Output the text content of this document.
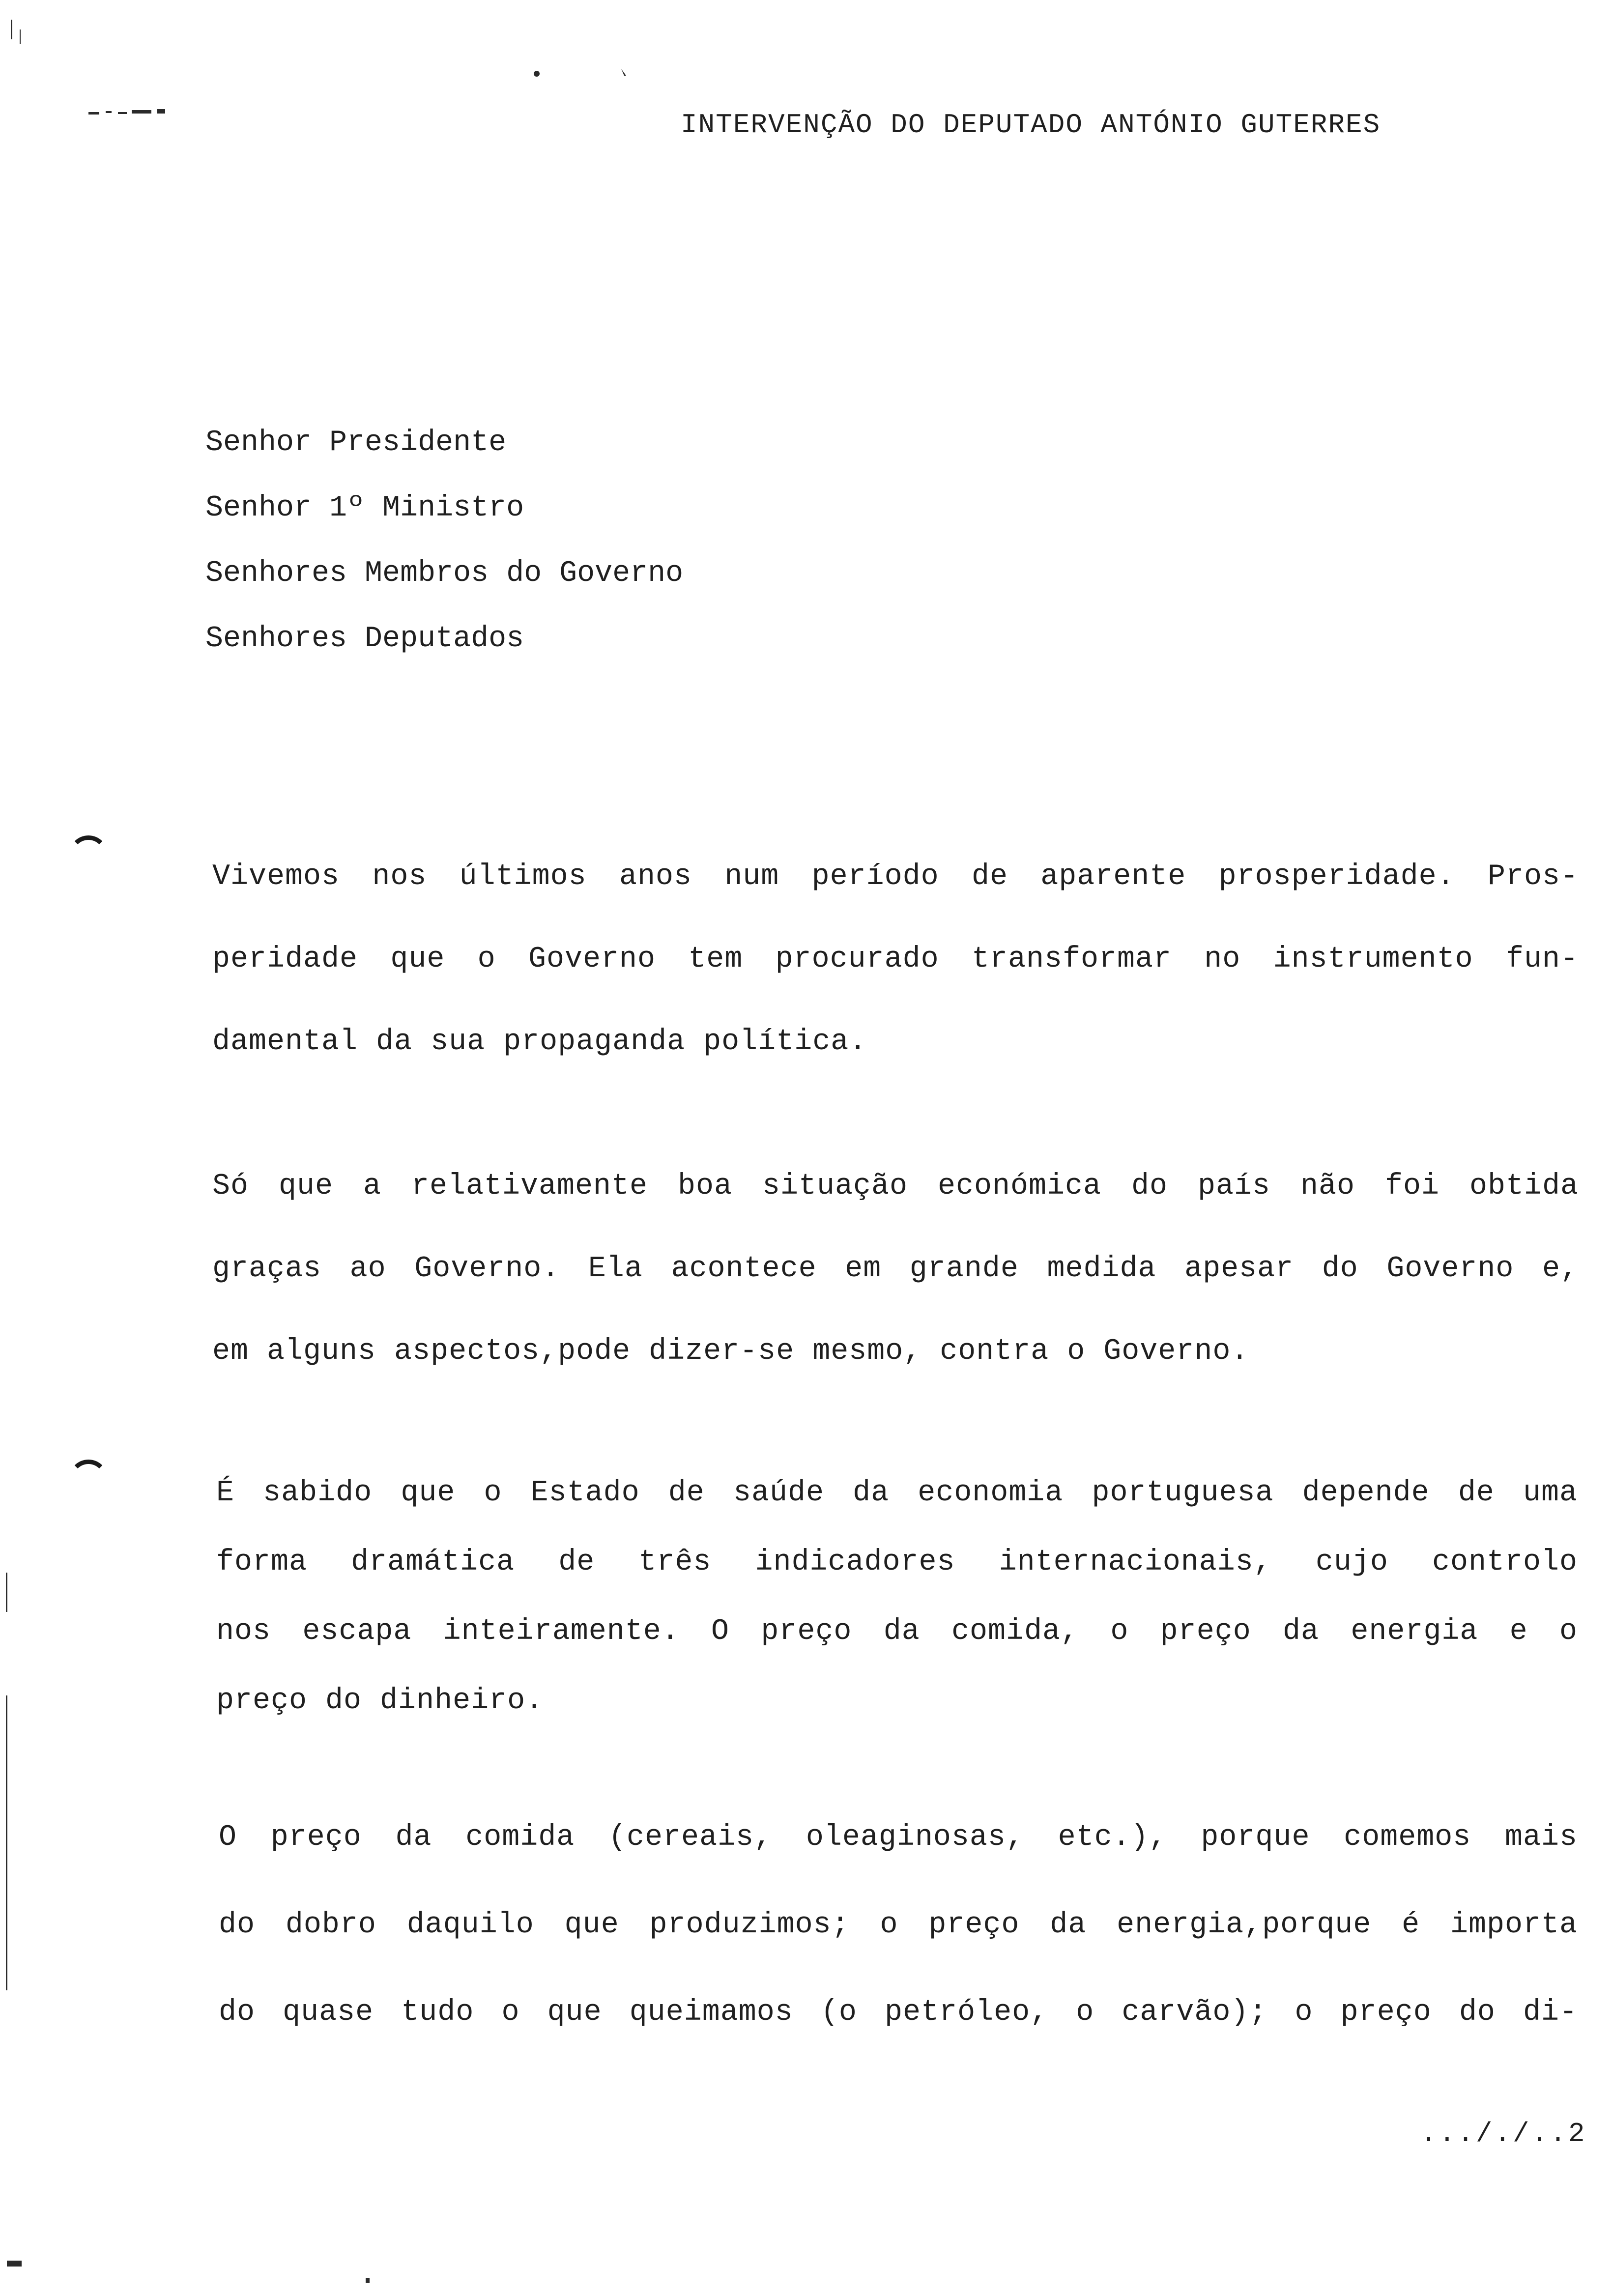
INTERVENÇÃO DO DEPUTADO ANTÓNIO GUTERRES
Senhor Presidente
Senhor 1º Ministro
Senhores Membros do Governo
Senhores Deputados
Vivemos nos últimos anos num período de aparente prosperidade. Pros-
peridade que o Governo tem procurado transformar no instrumento fun-
damental da sua propaganda política.
Só que a relativamente boa situação económica do país não foi obtida
graças ao Governo. Ela acontece em grande medida apesar do Governo e,
em alguns aspectos,pode dizer-se mesmo, contra o Governo.
É sabido que o Estado de saúde da economia portuguesa depende de uma
forma dramática de três indicadores internacionais, cujo controlo
nos escapa inteiramente. O preço da comida, o preço da energia e o
preço do dinheiro.
O preço da comida (cereais, oleaginosas, etc.), porque comemos mais
do dobro daquilo que produzimos; o preço da energia,porque é importa
do quase tudo o que queimamos (o petróleo, o carvão); o preço do di-
..././..2
